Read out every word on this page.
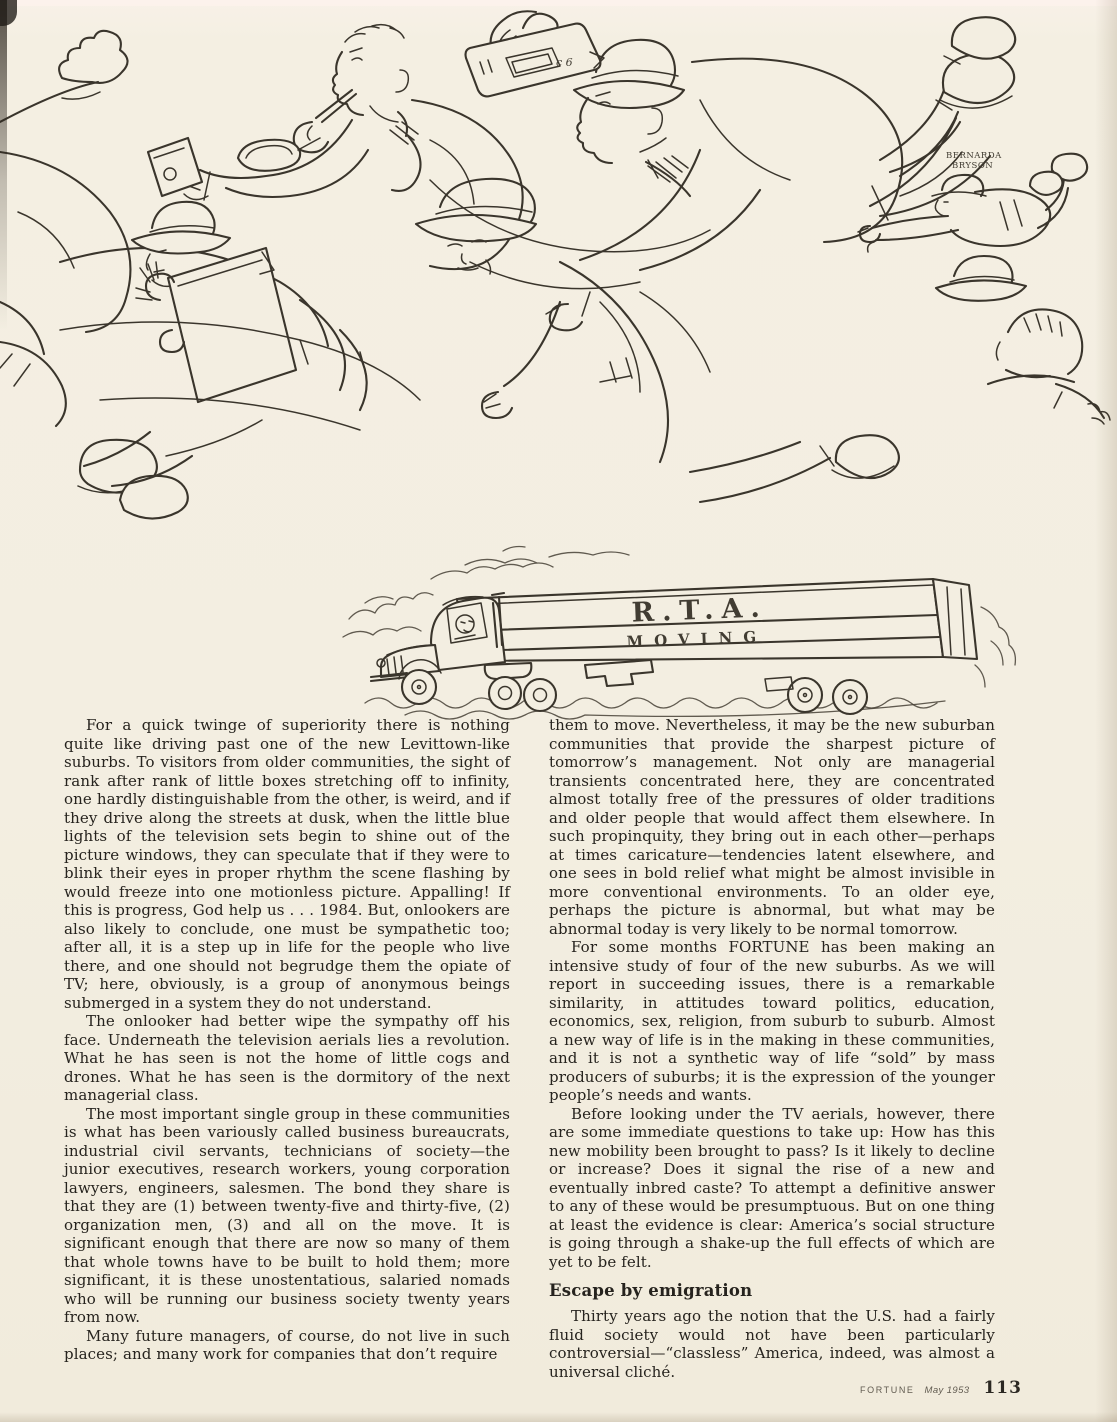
c 6
BERNARDA
BRYSON
R.T.A.
MOVING

For a quick twinge of superiority there is nothing quite like driving past one of the new Levittown-like suburbs. To visitors from older communities, the sight of rank after rank of little boxes stretching off to infinity, one hardly distinguishable from the other, is weird, and if they drive along the streets at dusk, when the little blue lights of the television sets begin to shine out of the picture windows, they can speculate that if they were to blink their eyes in proper rhythm the scene flashing by would freeze into one motionless picture. Appalling! If this is progress, God help us . . . 1984. But, onlookers are also likely to conclude, one must be sympathetic too; after all, it is a step up in life for the people who live there, and one should not begrudge them the opiate of TV; here, obviously, is a group of anonymous beings submerged in a system they do not understand.

The onlooker had better wipe the sympathy off his face. Underneath the television aerials lies a revolution. What he has seen is not the home of little cogs and drones. What he has seen is the dormitory of the next managerial class.

The most important single group in these communities is what has been variously called business bureaucrats, industrial civil servants, technicians of society—the junior executives, research workers, young corporation lawyers, engineers, salesmen. The bond they share is that they are (1) between twenty-five and thirty-five, (2) organization men, (3) and all on the move. It is significant enough that there are now so many of them that whole towns have to be built to hold them; more significant, it is these unostentatious, salaried nomads who will be running our business society twenty years from now.

Many future managers, of course, do not live in such places; and many work for companies that don’t require

them to move. Nevertheless, it may be the new suburban communities that provide the sharpest picture of tomorrow’s management. Not only are managerial transients concentrated here, they are concentrated almost totally free of the pressures of older traditions and older people that would affect them elsewhere. In such propinquity, they bring out in each other—perhaps at times caricature—tendencies latent elsewhere, and one sees in bold relief what might be almost invisible in more conventional environments. To an older eye, perhaps the picture is abnormal, but what may be abnormal today is very likely to be normal tomorrow.

For some months FORTUNE has been making an intensive study of four of the new suburbs. As we will report in succeeding issues, there is a remarkable similarity, in attitudes toward politics, education, economics, sex, religion, from suburb to suburb. Almost a new way of life is in the making in these communities, and it is not a synthetic way of life “sold” by mass producers of suburbs; it is the expression of the younger people’s needs and wants.

Before looking under the TV aerials, however, there are some immediate questions to take up: How has this new mobility been brought to pass? Is it likely to decline or increase? Does it signal the rise of a new and eventually inbred caste? To attempt a definitive answer to any of these would be presumptuous. But on one thing at least the evidence is clear: America’s social structure is going through a shake-up the full effects of which are yet to be felt.

Escape by emigration

Thirty years ago the notion that the U.S. had a fairly fluid society would not have been particularly controversial—“classless” America, indeed, was almost a universal cliché.

FORTUNE May 1953 113
